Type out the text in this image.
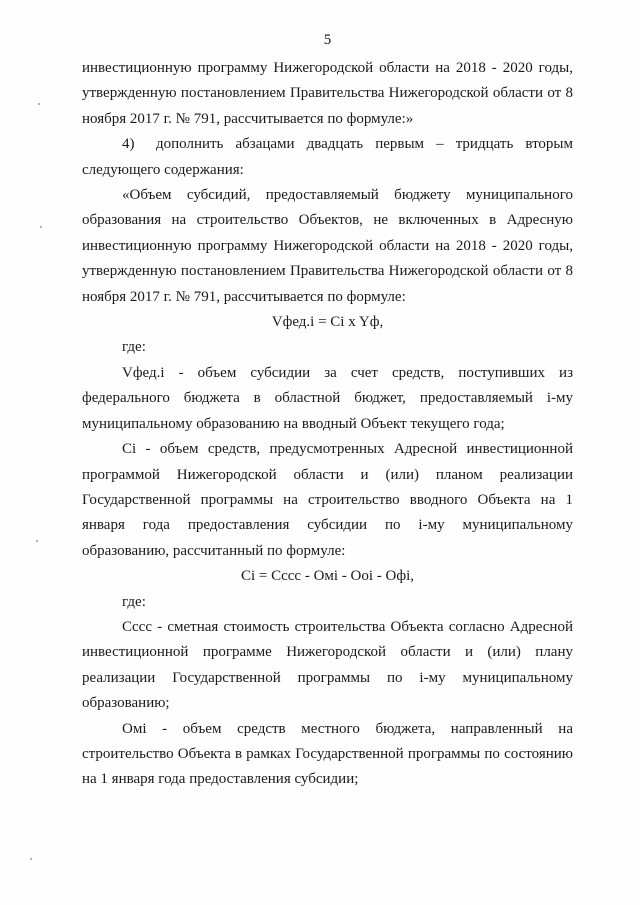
5

инвестиционную программу Нижегородской области на 2018 - 2020 годы, утвержденную постановлением Правительства Нижегородской области от 8 ноября 2017 г. № 791, рассчитывается по формуле:»

4) дополнить абзацами двадцать первым – тридцать вторым следующего содержания:

«Объем субсидий, предоставляемый бюджету муниципального образования на строительство Объектов, не включенных в Адресную инвестиционную программу Нижегородской области на 2018 - 2020 годы, утвержденную постановлением Правительства Нижегородской области от 8 ноября 2017 г. № 791, рассчитывается по формуле:

Vфед.i = Ci x Yф,

где:

Vфед.i - объем субсидии за счет средств, поступивших из федерального бюджета в областной бюджет, предоставляемый i-му муниципальному образованию на вводный Объект текущего года;

Ci - объем средств, предусмотренных Адресной инвестиционной программой Нижегородской области и (или) планом реализации Государственной программы на строительство вводного Объекта на 1 января года предоставления субсидии по i-му муниципальному образованию, рассчитанный по формуле:

Ci = Cccc - Омi - Ooi - Офi,

где:

Cccc - сметная стоимость строительства Объекта согласно Адресной инвестиционной программе Нижегородской области и (или) плану реализации Государственной программы по i-му муниципальному образованию;

Омi - объем средств местного бюджета, направленный на строительство Объекта в рамках Государственной программы по состоянию на 1 января года предоставления субсидии;
